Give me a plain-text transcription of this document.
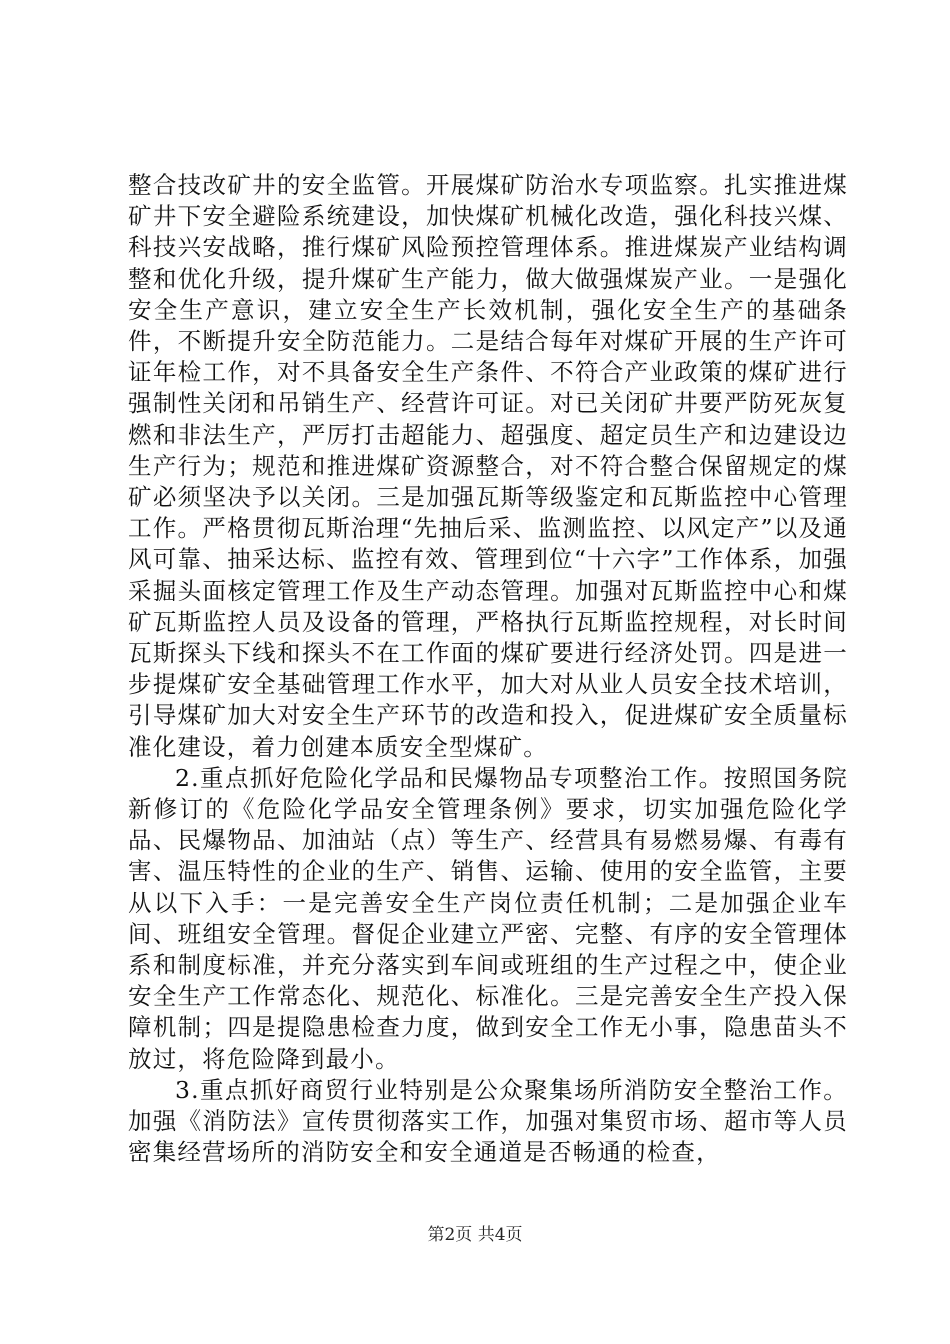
整合技改矿井的安全监管。开展煤矿防治水专项监察。扎实推进煤矿井下安全避险系统建设，加快煤矿机械化改造，强化科技兴煤、科技兴安战略，推行煤矿风险预控管理体系。推进煤炭产业结构调整和优化升级，提升煤矿生产能力，做大做强煤炭产业。一是强化安全生产意识，建立安全生产长效机制，强化安全生产的基础条件，不断提升安全防范能力。二是结合每年对煤矿开展的生产许可证年检工作，对不具备安全生产条件、不符合产业政策的煤矿进行强制性关闭和吊销生产、经营许可证。对已关闭矿井要严防死灰复燃和非法生产，严厉打击超能力、超强度、超定员生产和边建设边生产行为；规范和推进煤矿资源整合，对不符合整合保留规定的煤矿必须坚决予以关闭。三是加强瓦斯等级鉴定和瓦斯监控中心管理工作。严格贯彻瓦斯治理“先抽后采、监测监控、以风定产”以及通风可靠、抽采达标、监控有效、管理到位“十六字”工作体系，加强采掘头面核定管理工作及生产动态管理。加强对瓦斯监控中心和煤矿瓦斯监控人员及设备的管理，严格执行瓦斯监控规程，对长时间瓦斯探头下线和探头不在工作面的煤矿要进行经济处罚。四是进一步提煤矿安全基础管理工作水平，加大对从业人员安全技术培训，引导煤矿加大对安全生产环节的改造和投入，促进煤矿安全质量标准化建设，着力创建本质安全型煤矿。

2.重点抓好危险化学品和民爆物品专项整治工作。按照国务院新修订的《危险化学品安全管理条例》要求，切实加强危险化学品、民爆物品、加油站（点）等生产、经营具有易燃易爆、有毒有害、温压特性的企业的生产、销售、运输、使用的安全监管，主要从以下入手：一是完善安全生产岗位责任机制；二是加强企业车间、班组安全管理。督促企业建立严密、完整、有序的安全管理体系和制度标准，并充分落实到车间或班组的生产过程之中，使企业安全生产工作常态化、规范化、标准化。三是完善安全生产投入保障机制；四是提隐患检查力度，做到安全工作无小事，隐患苗头不放过，将危险降到最小。

3.重点抓好商贸行业特别是公众聚集场所消防安全整治工作。加强《消防法》宣传贯彻落实工作，加强对集贸市场、超市等人员密集经营场所的消防安全和安全通道是否畅通的检查，

第2页 共4页
